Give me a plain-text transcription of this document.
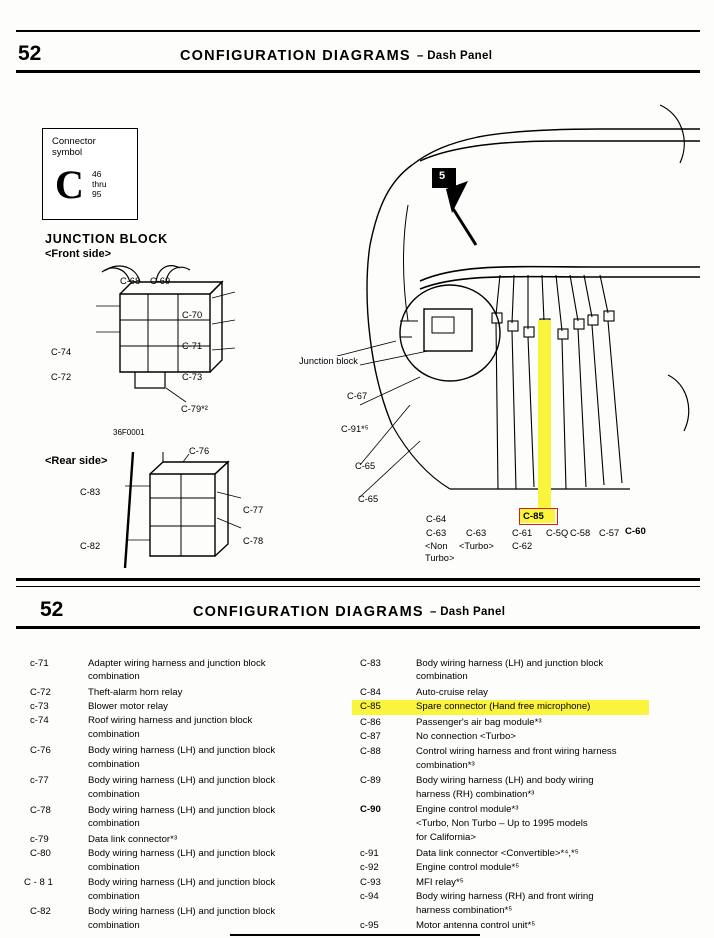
52	CONFIGURATION DIAGRAMS – Dash Panel
Connector
symbol
C 46
thru
95
JUNCTION BLOCK
<Front side>
<Rear side>
C-68 C-69
C-70
C-71
C-73
C-74
C-72
C-79*²
36F0001
C-76
C-83
C-77
C-82	C-78
5
Junction block
C-67
C-91*⁵
C-65
C-65
C-64
C-63 C-63	C-61
C-62
C-5Q C-58 C-57 C-60
<Non
Turbo>
<Turbo>
C-85
52	CONFIGURATION DIAGRAMS – Dash Panel
c-71	Adapter wiring harness and junction block
combination
C-72	Theft-alarm horn relay
c-73	Blower motor relay
c-74	Roof wiring harness and junction block
combination
C-76	Body wiring harness (LH) and junction block
combination
c-77	Body wiring harness (LH) and junction block
combination
C-78	Body wiring harness (LH) and junction block
combination
c-79	Data link connector*³
C-80	Body wiring harness (LH) and junction block
combination
C - 8 1	Body wiring harness (LH) and junction block
combination
C-82	Body wiring harness (LH) and junction block
combination
C-83	Body wiring harness (LH) and junction block
combination
C-84	Auto-cruise relay
C-85	Spare connector (Hand free microphone)
C-86	Passenger's air bag module*³
C-87	No connection <Turbo>
C-88	Control wiring harness and front wiring harness
combination*³
C-89	Body wiring harness (LH) and body wiring
harness (RH) combination*³
C-90	Engine control module*³
<Turbo, Non Turbo – Up to 1995 models
for California>
c-91	Data link connector <Convertible>*⁴,*⁵
c-92	Engine control module*⁵
C-93	MFI relay*⁵
c-94	Body wiring harness (RH) and front wiring
harness combination*⁵
c-95	Motor antenna control unit*⁵
